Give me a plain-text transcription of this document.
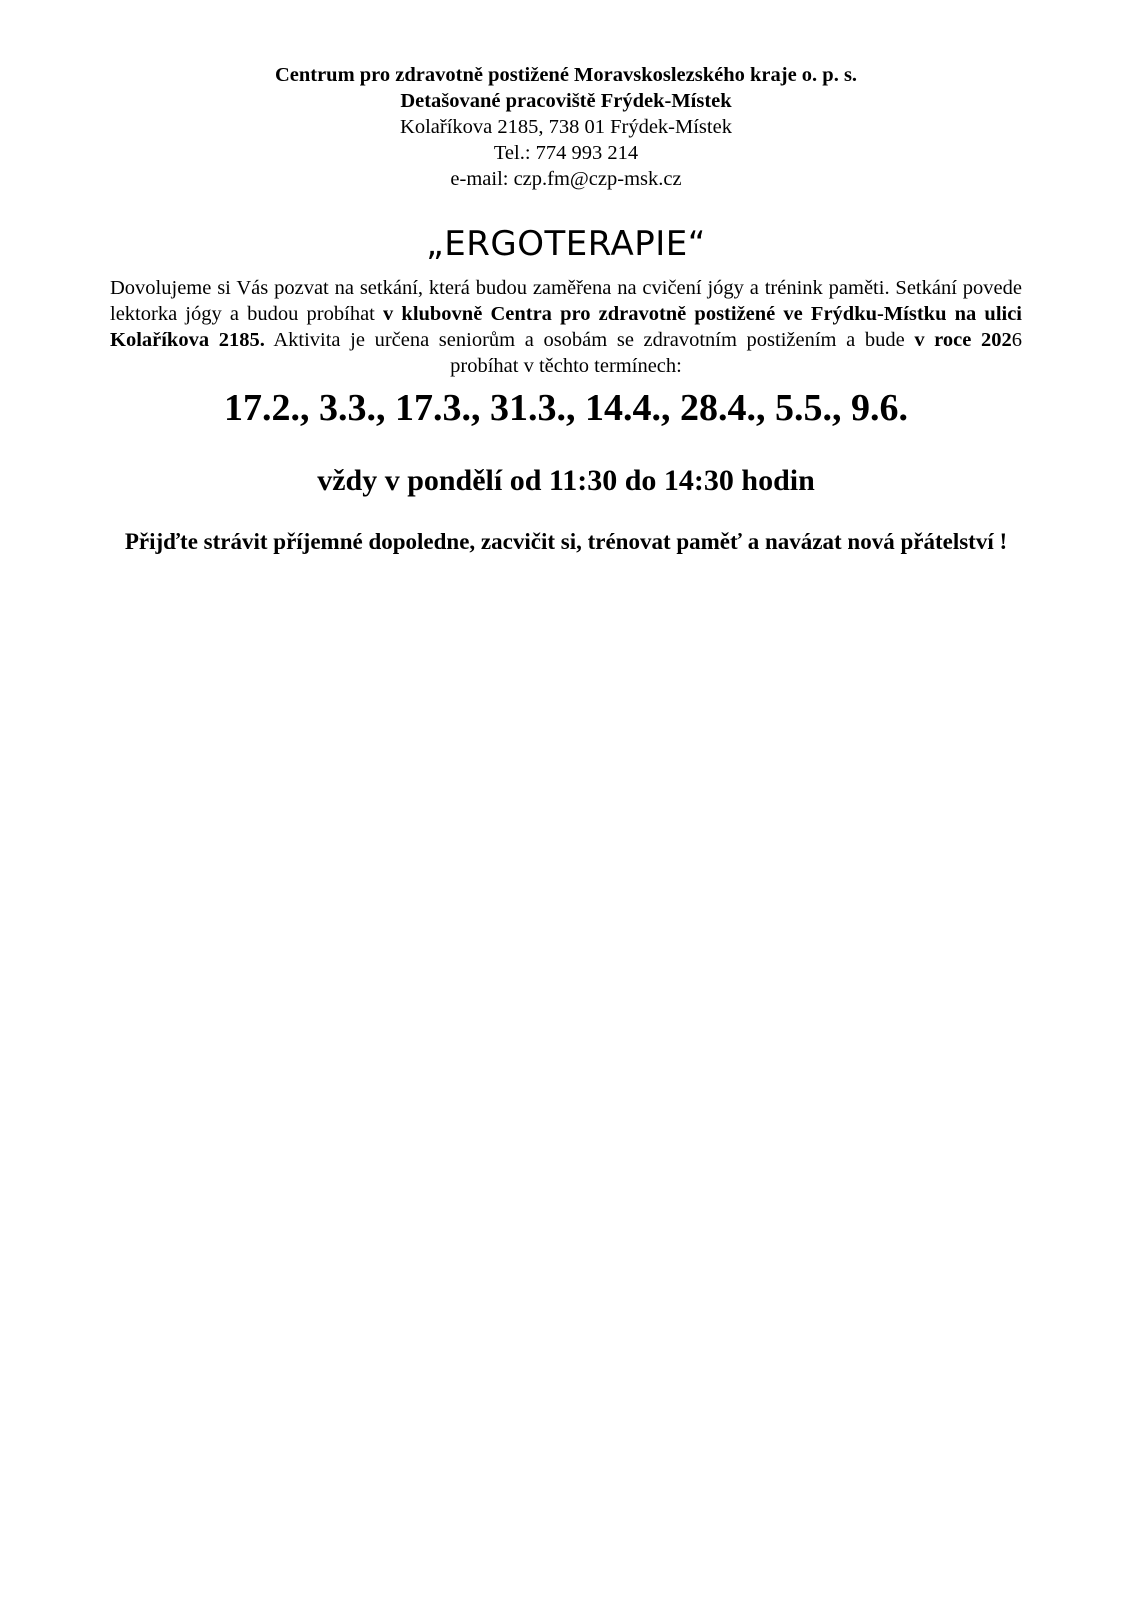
Centrum pro zdravotně postižené Moravskoslezského kraje o. p. s.
Detašované pracoviště Frýdek-Místek
Kolaříkova 2185, 738 01 Frýdek-Místek
Tel.: 774 993 214
e-mail: czp.fm@czp-msk.cz
„ERGOTERAPIE“
Dovolujeme si Vás pozvat na setkání, která budou zaměřena na cvičení jógy a trénink paměti. Setkání povede lektorka jógy a budou probíhat v klubovně Centra pro zdravotně postižené ve Frýdku-Místku na ulici Kolaříkova 2185. Aktivita je určena seniorům a osobám se zdravotním postižením a bude v roce 2026 probíhat v těchto termínech:
17.2., 3.3., 17.3., 31.3., 14.4., 28.4., 5.5., 9.6.
vždy v pondělí od 11:30 do 14:30 hodin
Přijďte strávit příjemné dopoledne, zacvičit si, trénovat paměť a navázat nová přátelství !
